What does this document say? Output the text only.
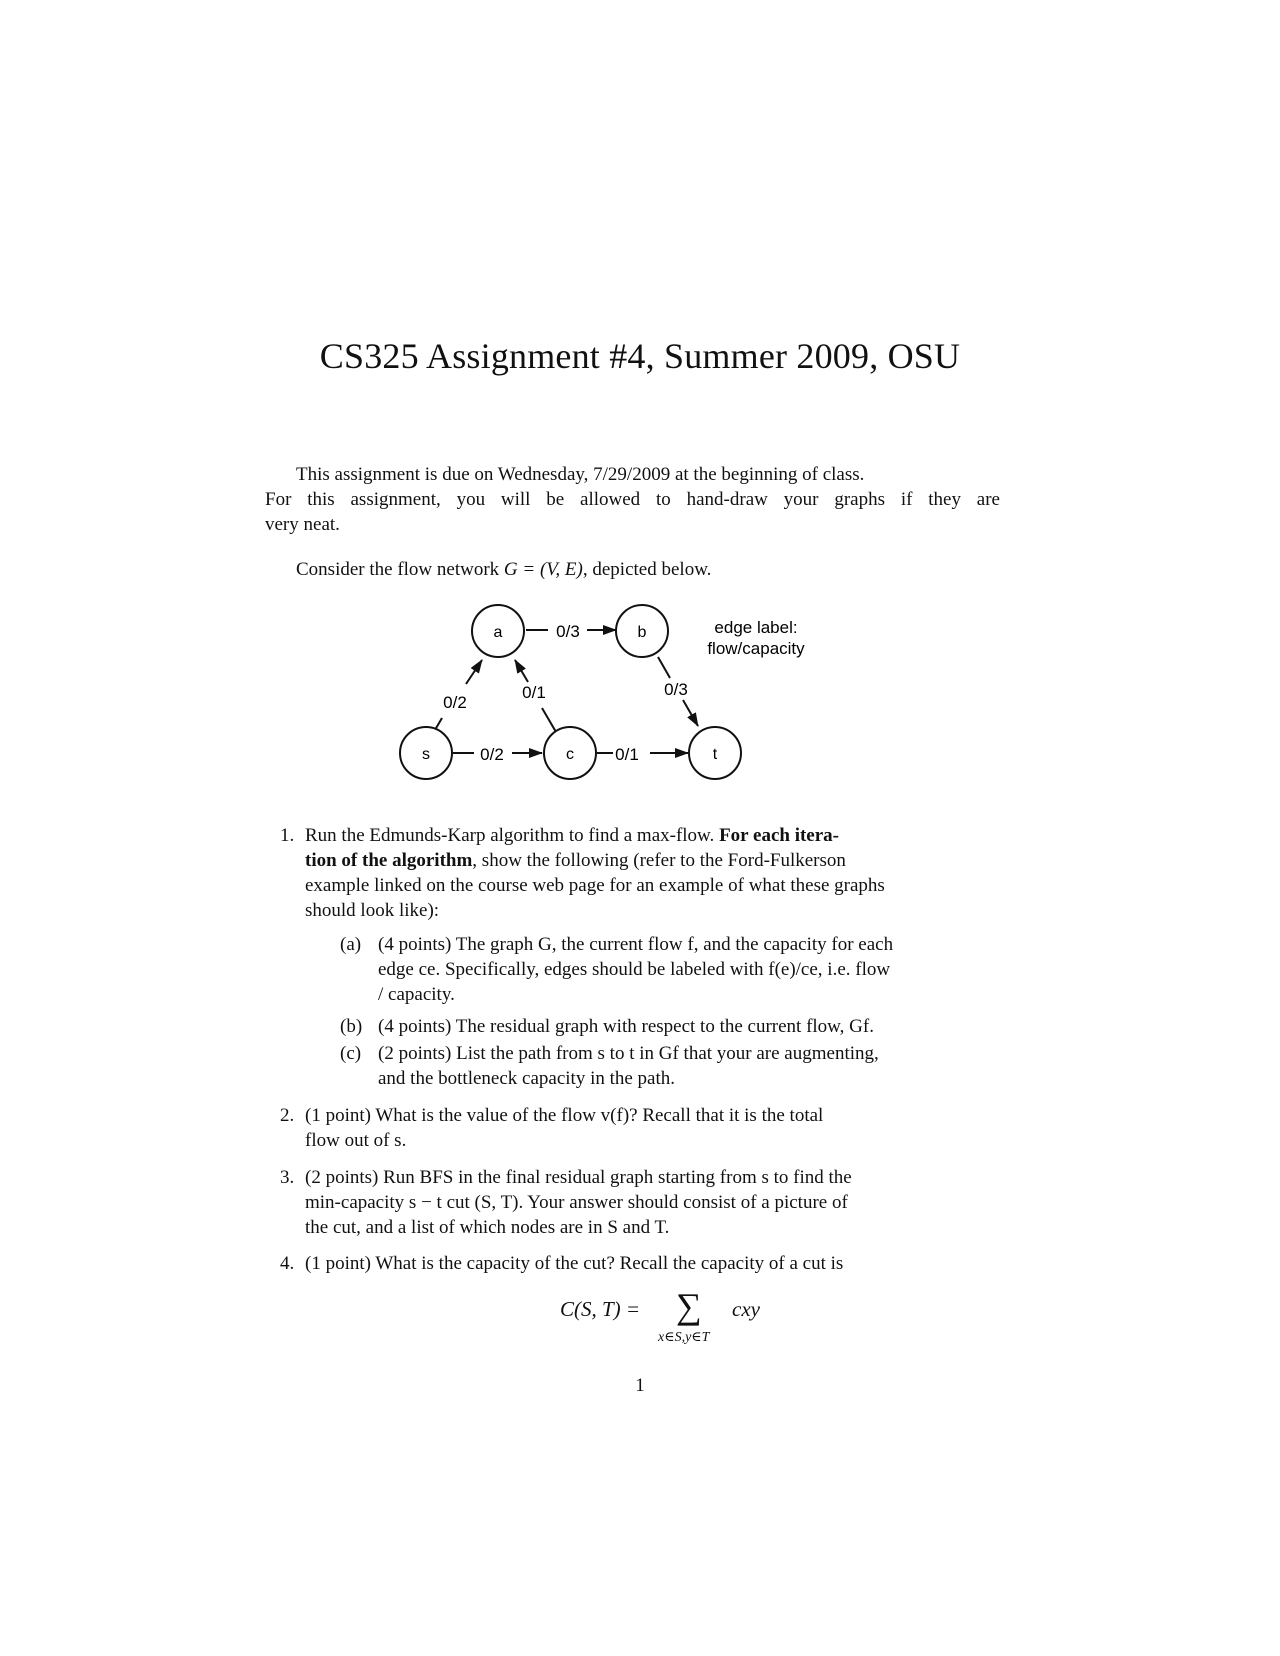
CS325 Assignment #4, Summer 2009, OSU
This assignment is due on Wednesday, 7/29/2009 at the beginning of class.
For this assignment, you will be allowed to hand-draw your graphs if they are
very neat.
Consider the flow network G = (V, E), depicted below.
0/3
0/2
0/1	0/3
0/2	0/1
a	b
s	c	t
edge label:
flow/capacity
1. Run the Edmunds-Karp algorithm to find a max-flow. For each itera-
tion of the algorithm, show the following (refer to the Ford-Fulkerson
example linked on the course web page for an example of what these graphs
should look like):
(a) (4 points) The graph G, the current flow f, and the capacity for each
edge ce. Specifically, edges should be labeled with f(e)/ce, i.e. flow
/ capacity.
(b) (4 points) The residual graph with respect to the current flow, Gf.
(c) (2 points) List the path from s to t in Gf that your are augmenting,
and the bottleneck capacity in the path.
2. (1 point) What is the value of the flow v(f)? Recall that it is the total
flow out of s.
3. (2 points) Run BFS in the final residual graph starting from s to find the
min-capacity s − t cut (S, T). Your answer should consist of a picture of
the cut, and a list of which nodes are in S and T.
4. (1 point) What is the capacity of the cut? Recall the capacity of a cut is
C(S, T) = ∑ cxy
x∈S,y∈T
1
